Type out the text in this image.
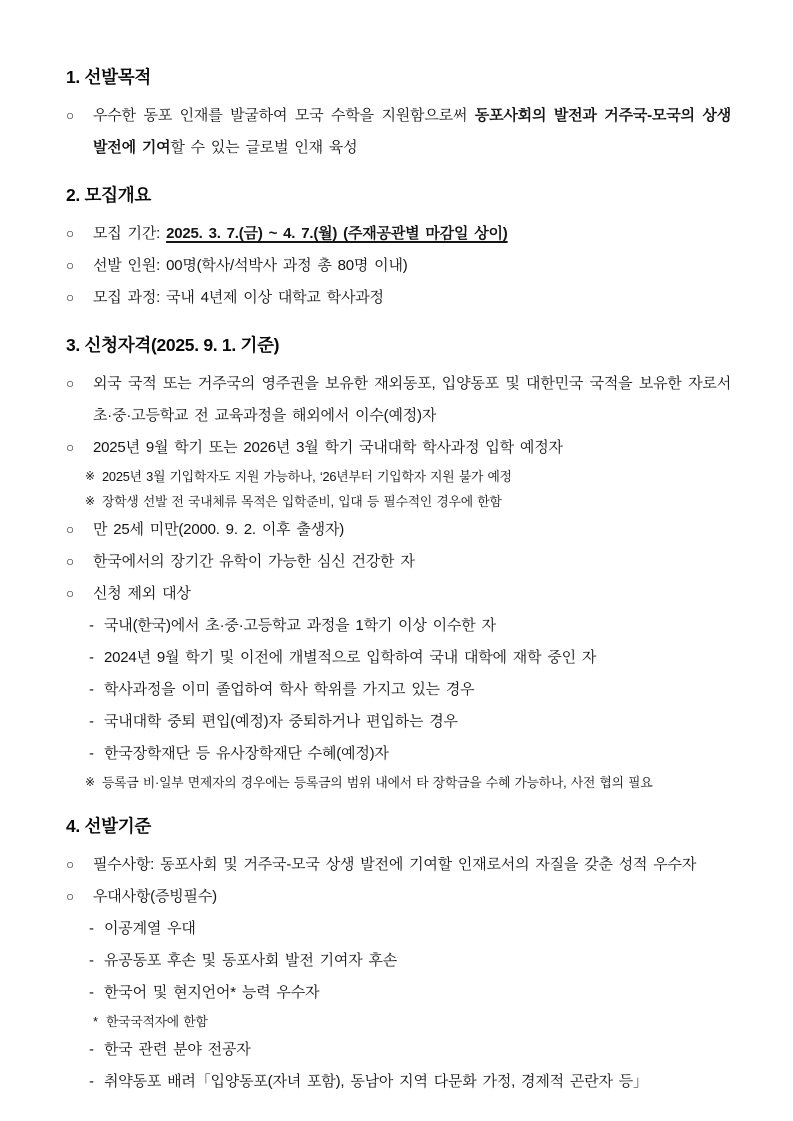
1. 선발목적
○ 우수한 동포 인재를 발굴하여 모국 수학을 지원함으로써 동포사회의 발전과 거주국-모국의 상생 발전에 기여할 수 있는 글로벌 인재 육성
2. 모집개요
○ 모집 기간: 2025. 3. 7.(금) ~ 4. 7.(월) (주재공관별 마감일 상이)
○ 선발 인원: 00명(학사/석박사 과정 총 80명 이내)
○ 모집 과정: 국내 4년제 이상 대학교 학사과정
3. 신청자격(2025. 9. 1. 기준)
○ 외국 국적 또는 거주국의 영주권을 보유한 재외동포, 입양동포 및 대한민국 국적을 보유한 자로서 초·중·고등학교 전 교육과정을 해외에서 이수(예정)자
○ 2025년 9월 학기 또는 2026년 3월 학기 국내대학 학사과정 입학 예정자
※ 2025년 3월 기입학자도 지원 가능하나, ‘26년부터 기입학자 지원 불가 예정
※ 장학생 선발 전 국내체류 목적은 입학준비, 입대 등 필수적인 경우에 한함
○ 만 25세 미만(2000. 9. 2. 이후 출생자)
○ 한국에서의 장기간 유학이 가능한 심신 건강한 자
○ 신청 제외 대상
- 국내(한국)에서 초·중·고등학교 과정을 1학기 이상 이수한 자
- 2024년 9월 학기 및 이전에 개별적으로 입학하여 국내 대학에 재학 중인 자
- 학사과정을 이미 졸업하여 학사 학위를 가지고 있는 경우
- 국내대학 중퇴 편입(예정)자 중퇴하거나 편입하는 경우
- 한국장학재단 등 유사장학재단 수혜(예정)자
※ 등록금 비·일부 면제자의 경우에는 등록금의 범위 내에서 타 장학금을 수혜 가능하나, 사전 협의 필요
4. 선발기준
○ 필수사항: 동포사회 및 거주국-모국 상생 발전에 기여할 인재로서의 자질을 갖춘 성적 우수자
○ 우대사항(증빙필수)
- 이공계열 우대
- 유공동포 후손 및 동포사회 발전 기여자 후손
- 한국어 및 현지언어* 능력 우수자
* 한국국적자에 한함
- 한국 관련 분야 전공자
- 취약동포 배려「입양동포(자녀 포함), 동남아 지역 다문화 가정, 경제적 곤란자 등」
